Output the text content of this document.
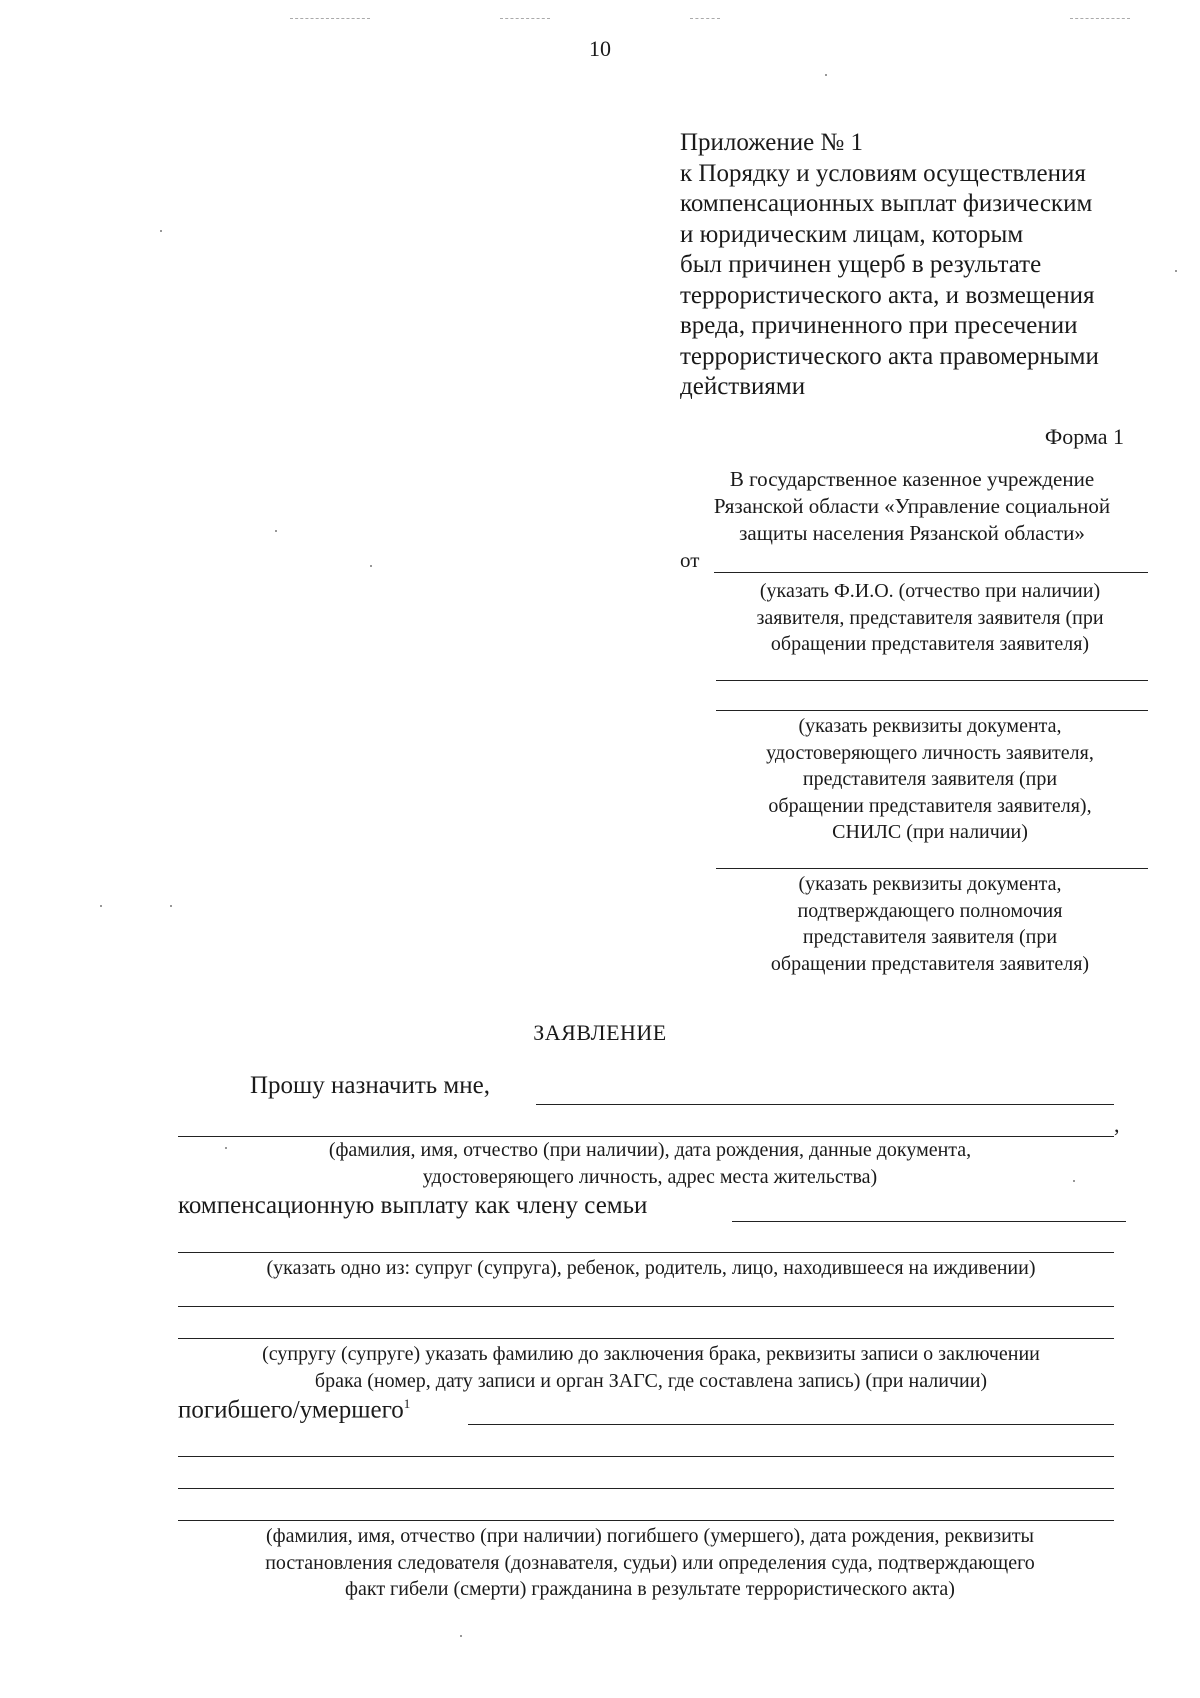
10
Приложение № 1
к Порядку и условиям осуществления
компенсационных выплат физическим
и юридическим лицам, которым
был причинен ущерб в результате
террористического акта, и возмещения
вреда, причиненного при пресечении
террористического акта правомерными
действиями
Форма 1
В государственное казенное учреждение
Рязанской области «Управление социальной
защиты населения Рязанской области»
от
(указать Ф.И.О. (отчество при наличии)
заявителя, представителя заявителя (при
обращении представителя заявителя)
(указать реквизиты документа,
удостоверяющего личность заявителя,
представителя заявителя (при
обращении представителя заявителя),
СНИЛС (при наличии)
(указать реквизиты документа,
подтверждающего полномочия
представителя заявителя (при
обращении представителя заявителя)
ЗАЯВЛЕНИЕ
Прошу назначить мне,
,
(фамилия, имя, отчество (при наличии), дата рождения, данные документа,
удостоверяющего личность, адрес места жительства)
компенсационную выплату как члену семьи
(указать одно из: супруг (супруга), ребенок, родитель, лицо, находившееся на иждивении)
(супругу (супруге) указать фамилию до заключения брака, реквизиты записи о заключении
брака (номер, дату записи и орган ЗАГС, где составлена запись) (при наличии)
погибшего/умершего$^1$
(фамилия, имя, отчество (при наличии) погибшего (умершего), дата рождения, реквизиты
постановления следователя (дознавателя, судьи) или определения суда, подтверждающего
факт гибели (смерти) гражданина в результате террористического акта)
